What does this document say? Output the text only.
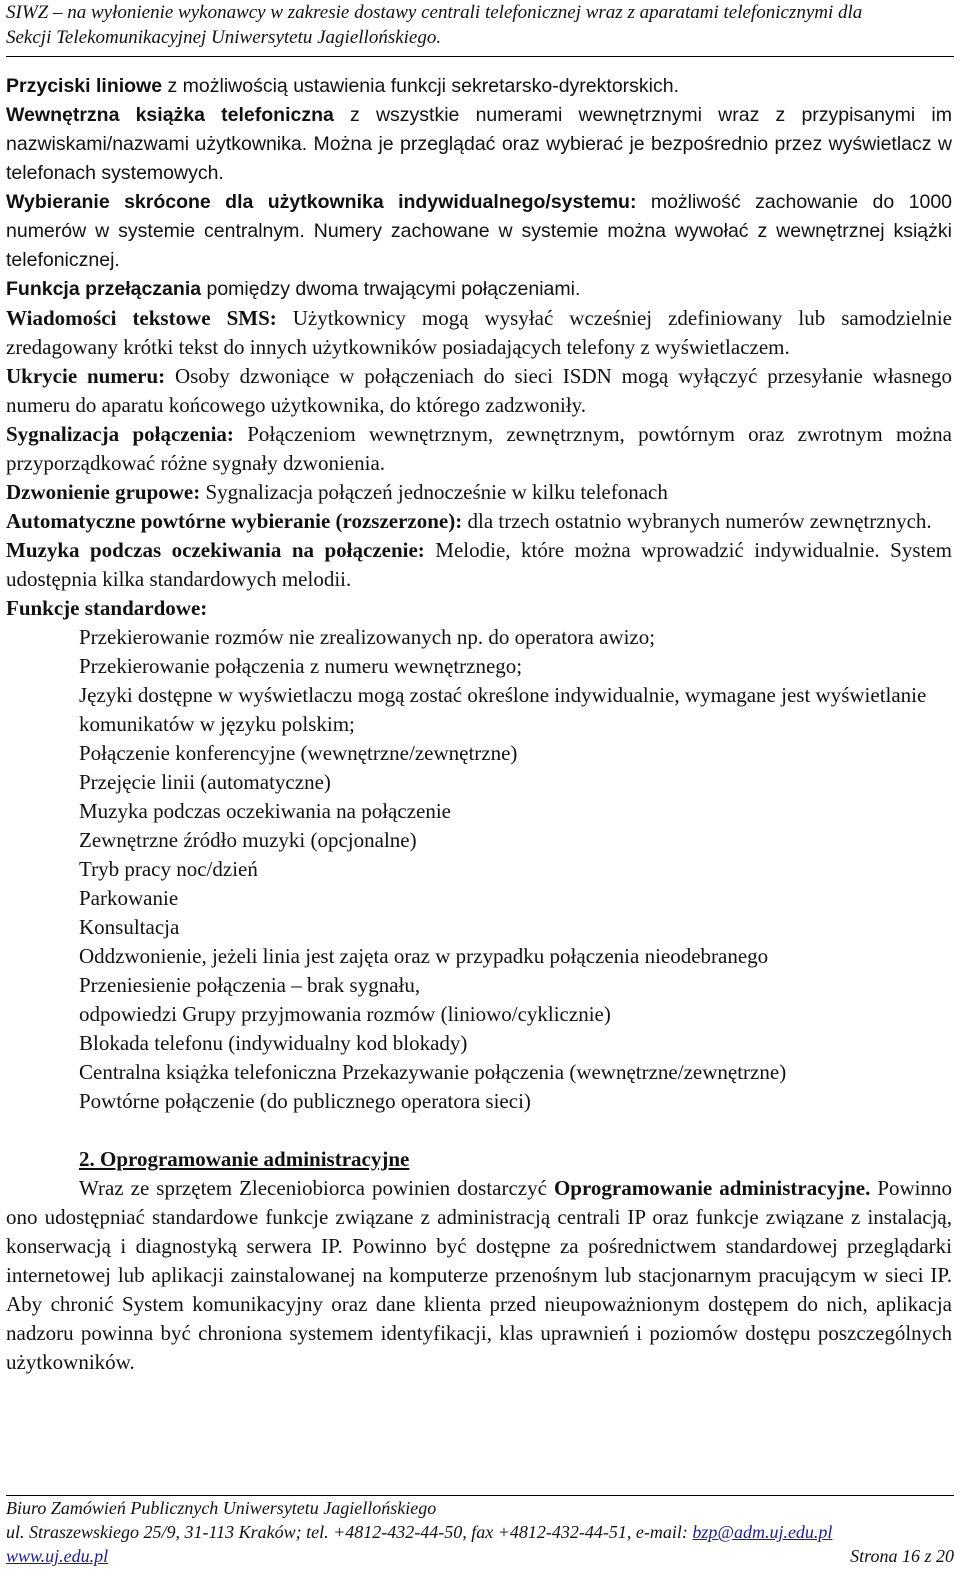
SIWZ – na wyłonienie wykonawcy w zakresie dostawy centrali telefonicznej wraz z aparatami telefonicznymi dla
Sekcji Telekomunikacyjnej Uniwersytetu Jagiellońskiego.

Przyciski liniowe z możliwością ustawienia funkcji sekretarsko-dyrektorskich.

Wewnętrzna książka telefoniczna z wszystkie numerami wewnętrznymi wraz z przypisanymi im nazwiskami/nazwami użytkownika. Można je przeglądać oraz wybierać je bezpośrednio przez wyświetlacz w telefonach systemowych.

Wybieranie skrócone dla użytkownika indywidualnego/systemu: możliwość zachowanie do 1000 numerów w systemie centralnym. Numery zachowane w systemie można wywołać z wewnętrznej książki telefonicznej.

Funkcja przełączania pomiędzy dwoma trwającymi połączeniami.

Wiadomości tekstowe SMS: Użytkownicy mogą wysyłać wcześniej zdefiniowany lub samodzielnie zredagowany krótki tekst do innych użytkowników posiadających telefony z wyświetlaczem.

Ukrycie numeru: Osoby dzwoniące w połączeniach do sieci ISDN mogą wyłączyć przesyłanie własnego numeru do aparatu końcowego użytkownika, do którego zadzwoniły.

Sygnalizacja połączenia: Połączeniom wewnętrznym, zewnętrznym, powtórnym oraz zwrotnym można przyporządkować różne sygnały dzwonienia.

Dzwonienie grupowe: Sygnalizacja połączeń jednocześnie w kilku telefonach

Automatyczne powtórne wybieranie (rozszerzone): dla trzech ostatnio wybranych numerów zewnętrznych.

Muzyka podczas oczekiwania na połączenie: Melodie, które można wprowadzić indywidualnie. System udostępnia kilka standardowych melodii.

Funkcje standardowe:

Przekierowanie rozmów nie zrealizowanych np. do operatora awizo;
Przekierowanie połączenia z numeru wewnętrznego;
Języki dostępne w wyświetlaczu mogą zostać określone indywidualnie, wymagane jest wyświetlanie komunikatów w języku polskim;
Połączenie konferencyjne (wewnętrzne/zewnętrzne)
Przejęcie linii (automatyczne)
Muzyka podczas oczekiwania na połączenie
Zewnętrzne źródło muzyki (opcjonalne)
Tryb pracy noc/dzień
Parkowanie
Konsultacja
Oddzwonienie, jeżeli linia jest zajęta oraz w przypadku połączenia nieodebranego
Przeniesienie połączenia – brak sygnału,
odpowiedzi Grupy przyjmowania rozmów (liniowo/cyklicznie)
Blokada telefonu (indywidualny kod blokady)
Centralna książka telefoniczna Przekazywanie połączenia (wewnętrzne/zewnętrzne)
Powtórne połączenie (do publicznego operatora sieci)

2. Oprogramowanie administracyjne

Wraz ze sprzętem Zleceniobiorca powinien dostarczyć Oprogramowanie administracyjne. Powinno ono udostępniać standardowe funkcje związane z administracją centrali IP oraz funkcje związane z instalacją, konserwacją i diagnostyką serwera IP. Powinno być dostępne za pośrednictwem standardowej przeglądarki internetowej lub aplikacji zainstalowanej na komputerze przenośnym lub stacjonarnym pracującym w sieci IP. Aby chronić System komunikacyjny oraz dane klienta przed nieupoważnionym dostępem do nich, aplikacja nadzoru powinna być chroniona systemem identyfikacji, klas uprawnień i poziomów dostępu poszczególnych użytkowników.

Biuro Zamówień Publicznych Uniwersytetu Jagiellońskiego
ul. Straszewskiego 25/9, 31-113 Kraków; tel. +4812-432-44-50, fax +4812-432-44-51, e-mail: bzp@adm.uj.edu.pl
www.uj.edu.pl	Strona 16 z 20
